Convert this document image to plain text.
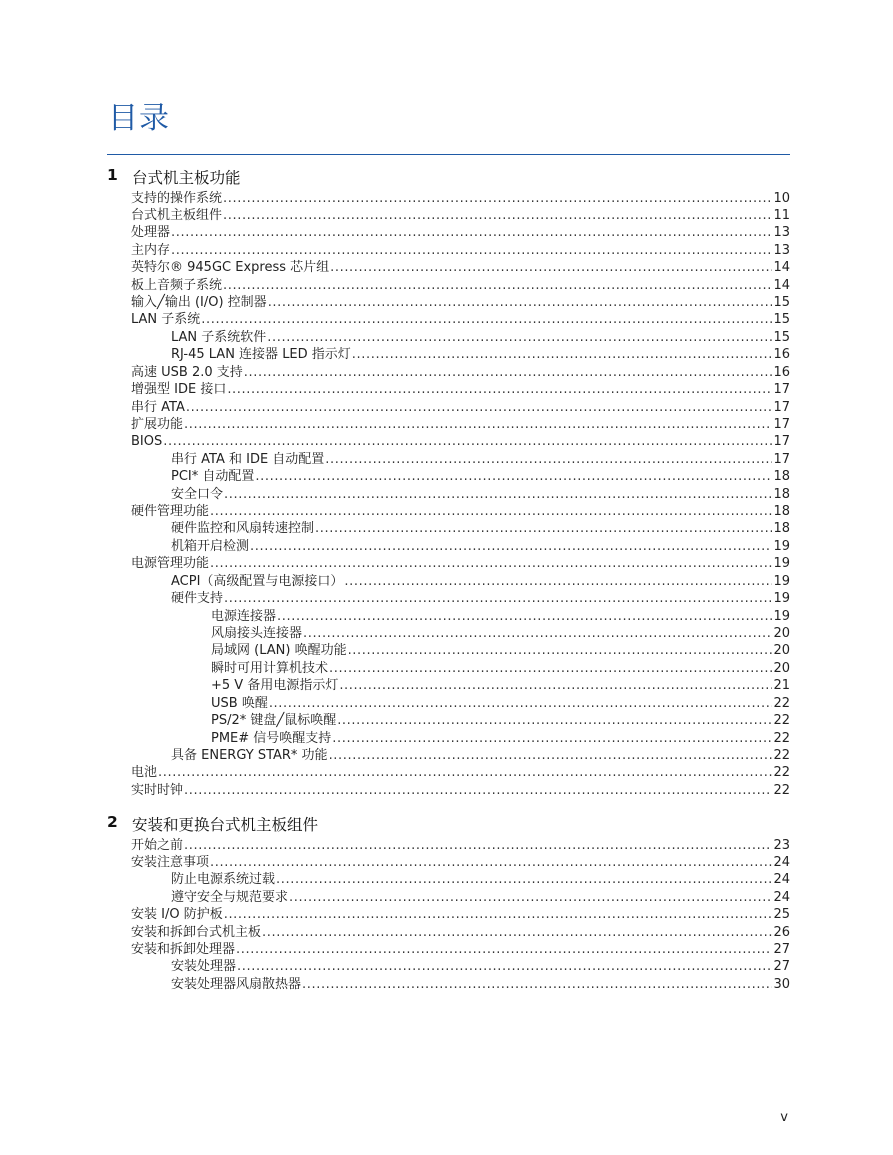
目录
1 台式机主板功能
2 安装和更换台式机主板组件
支持的操作系统 .....	10
台式机主板组件 .....	11
处理器 .....	13
主内存 .....	13
英特尔® 945GC Express 芯片组 .....	14
板上音频子系统 .....	14
输入╱输出 (I/O) 控制器 .....	15
LAN 子系统 .....	15
LAN 子系统软件 .....	15
RJ-45 LAN 连接器 LED 指示灯 .....	16
高速 USB 2.0 支持 .....	16
增强型 IDE 接口 .....	17
串行 ATA .....	17
扩展功能 .....	17
BIOS .....	17
串行 ATA 和 IDE 自动配置 .....	17
PCI* 自动配置 .....	18
安全口令 .....	18
硬件管理功能 .....	18
硬件监控和风扇转速控制 .....	18
机箱开启检测 .....	19
电源管理功能 .....	19
ACPI（高级配置与电源接口） .....	19
硬件支持 .....	19
电源连接器 .....	19
风扇接头连接器 .....	20
局域网 (LAN) 唤醒功能 .....	20
瞬时可用计算机技术 .....	20
+5 V 备用电源指示灯 .....	21
USB 唤醒 .....	22
PS/2* 键盘╱鼠标唤醒 .....	22
PME# 信号唤醒支持 .....	22
具备 ENERGY STAR* 功能 .....	22
电池 .....	22
实时时钟 .....	22
开始之前 .....	23
安装注意事项 .....	24
防止电源系统过载 .....	24
遵守安全与规范要求 .....	24
安装 I/O 防护板 .....	25
安装和拆卸台式机主板 .....	26
安装和拆卸处理器 .....	27
安装处理器 .....	27
安装处理器风扇散热器 .....	30
v
